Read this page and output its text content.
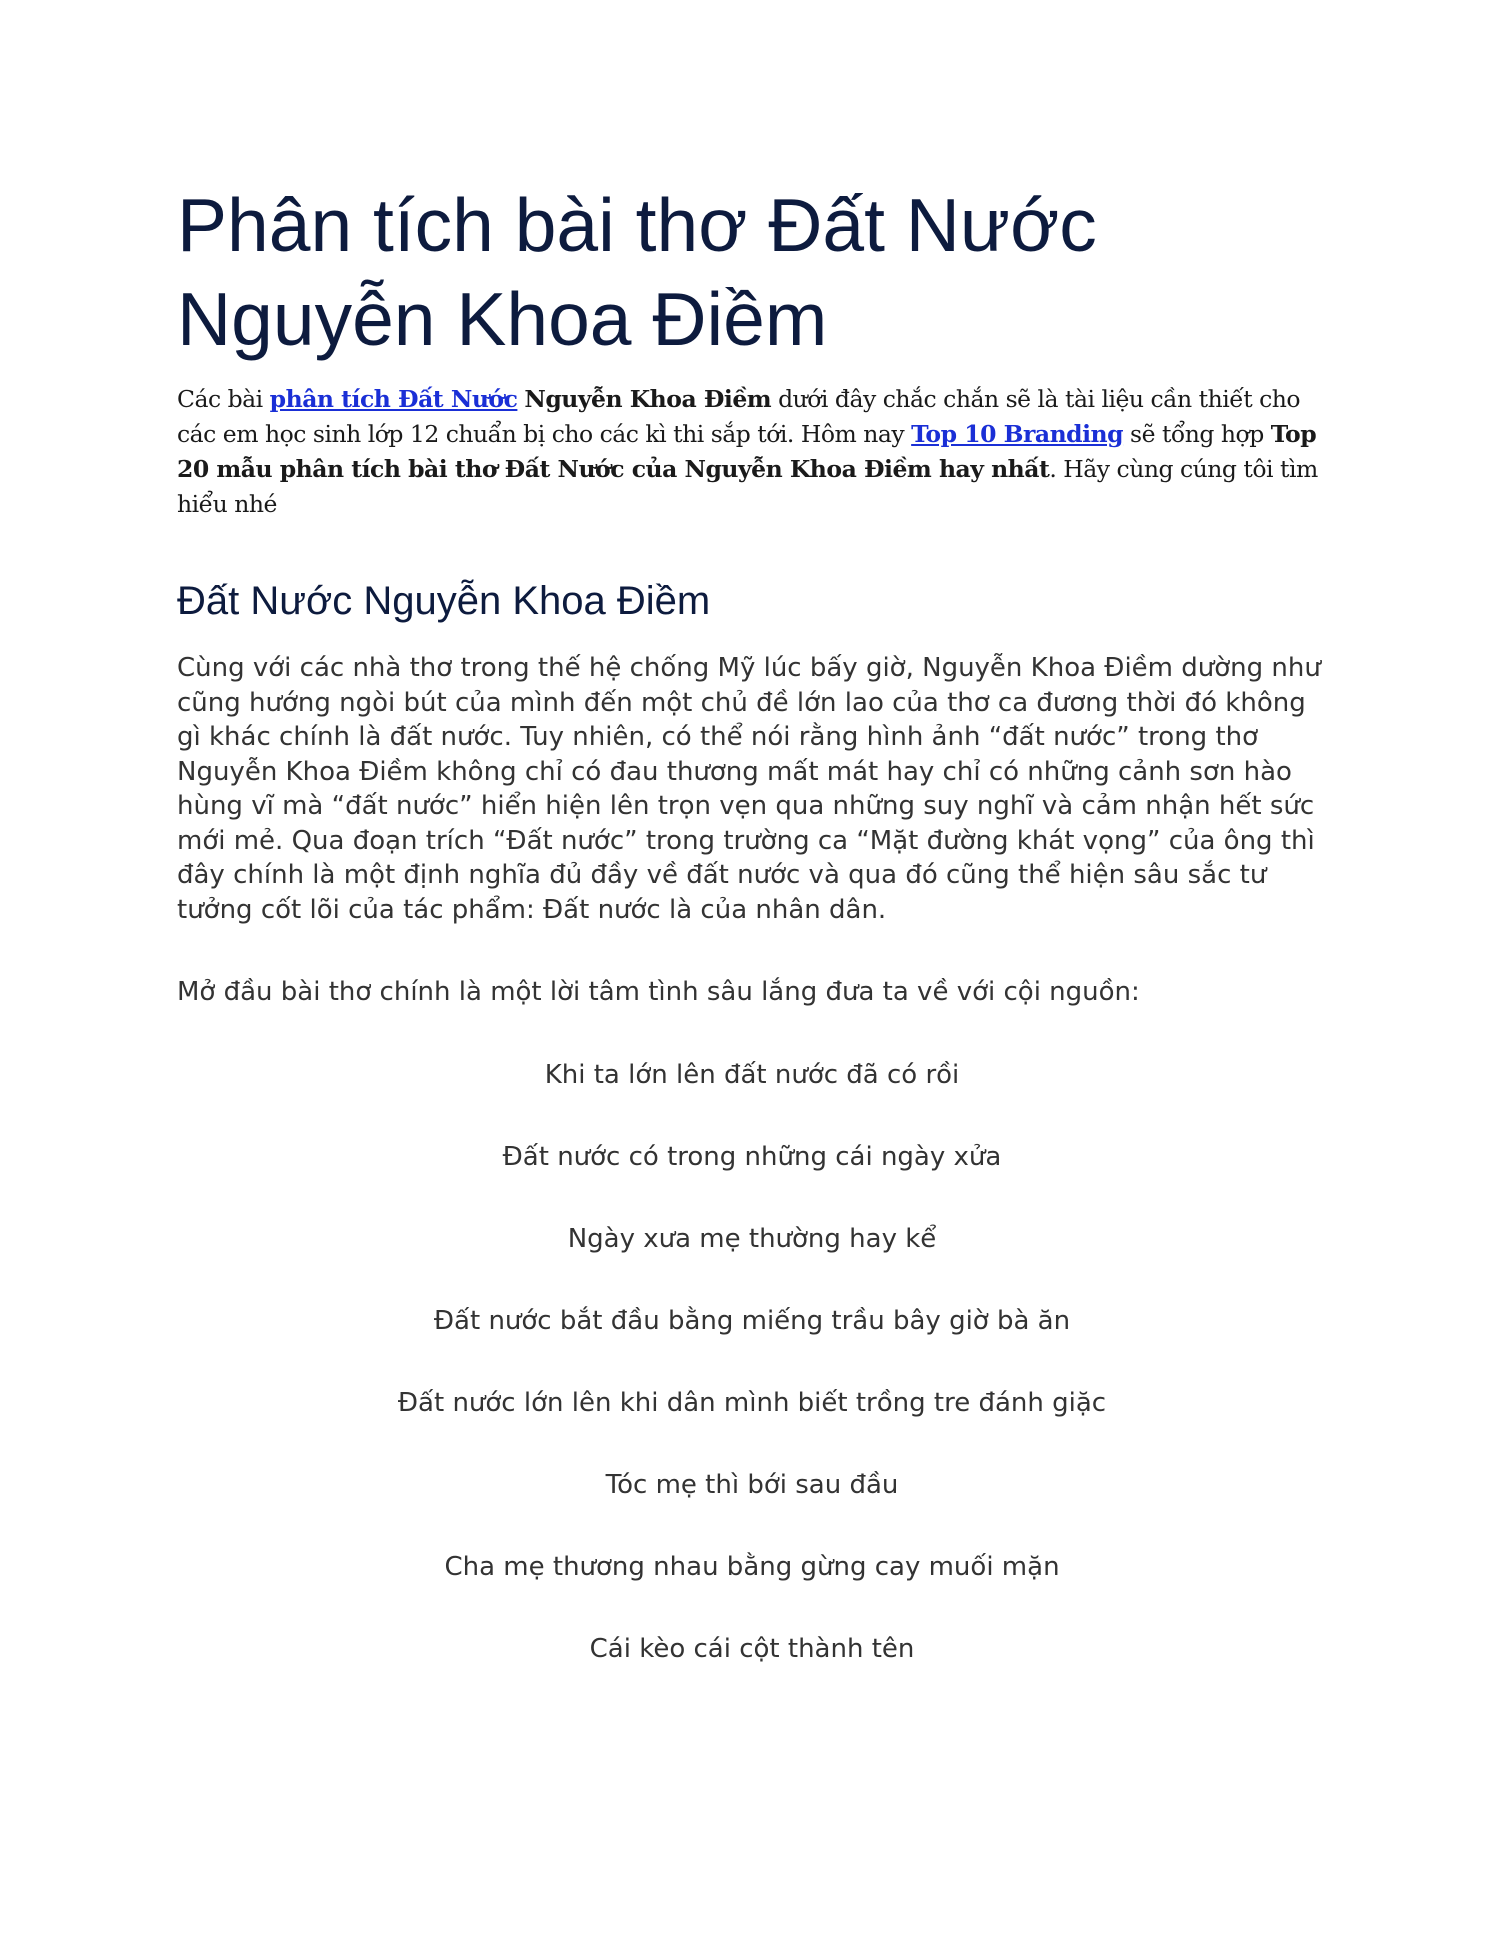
Phân tích bài thơ Đất Nước Nguyễn Khoa Điềm

Các bài phân tích Đất Nước Nguyễn Khoa Điềm dưới đây chắc chắn sẽ là tài liệu cần thiết cho các em học sinh lớp 12 chuẩn bị cho các kì thi sắp tới. Hôm nay Top 10 Branding sẽ tổng hợp Top 20 mẫu phân tích bài thơ Đất Nước của Nguyễn Khoa Điềm hay nhất. Hãy cùng cúng tôi tìm hiểu nhé

Đất Nước Nguyễn Khoa Điềm

Cùng với các nhà thơ trong thế hệ chống Mỹ lúc bấy giờ, Nguyễn Khoa Điềm dường như cũng hướng ngòi bút của mình đến một chủ đề lớn lao của thơ ca đương thời đó không gì khác chính là đất nước. Tuy nhiên, có thể nói rằng hình ảnh “đất nước” trong thơ Nguyễn Khoa Điềm không chỉ có đau thương mất mát hay chỉ có những cảnh sơn hào hùng vĩ mà “đất nước” hiển hiện lên trọn vẹn qua những suy nghĩ và cảm nhận hết sức mới mẻ. Qua đoạn trích “Đất nước” trong trường ca “Mặt đường khát vọng” của ông thì đây chính là một định nghĩa đủ đầy về đất nước và qua đó cũng thể hiện sâu sắc tư tưởng cốt lõi của tác phẩm: Đất nước là của nhân dân.

Mở đầu bài thơ chính là một lời tâm tình sâu lắng đưa ta về với cội nguồn:

Khi ta lớn lên đất nước đã có rồi

Đất nước có trong những cái ngày xửa

Ngày xưa mẹ thường hay kể

Đất nước bắt đầu bằng miếng trầu bây giờ bà ăn

Đất nước lớn lên khi dân mình biết trồng tre đánh giặc

Tóc mẹ thì bới sau đầu

Cha mẹ thương nhau bằng gừng cay muối mặn

Cái kèo cái cột thành tên
